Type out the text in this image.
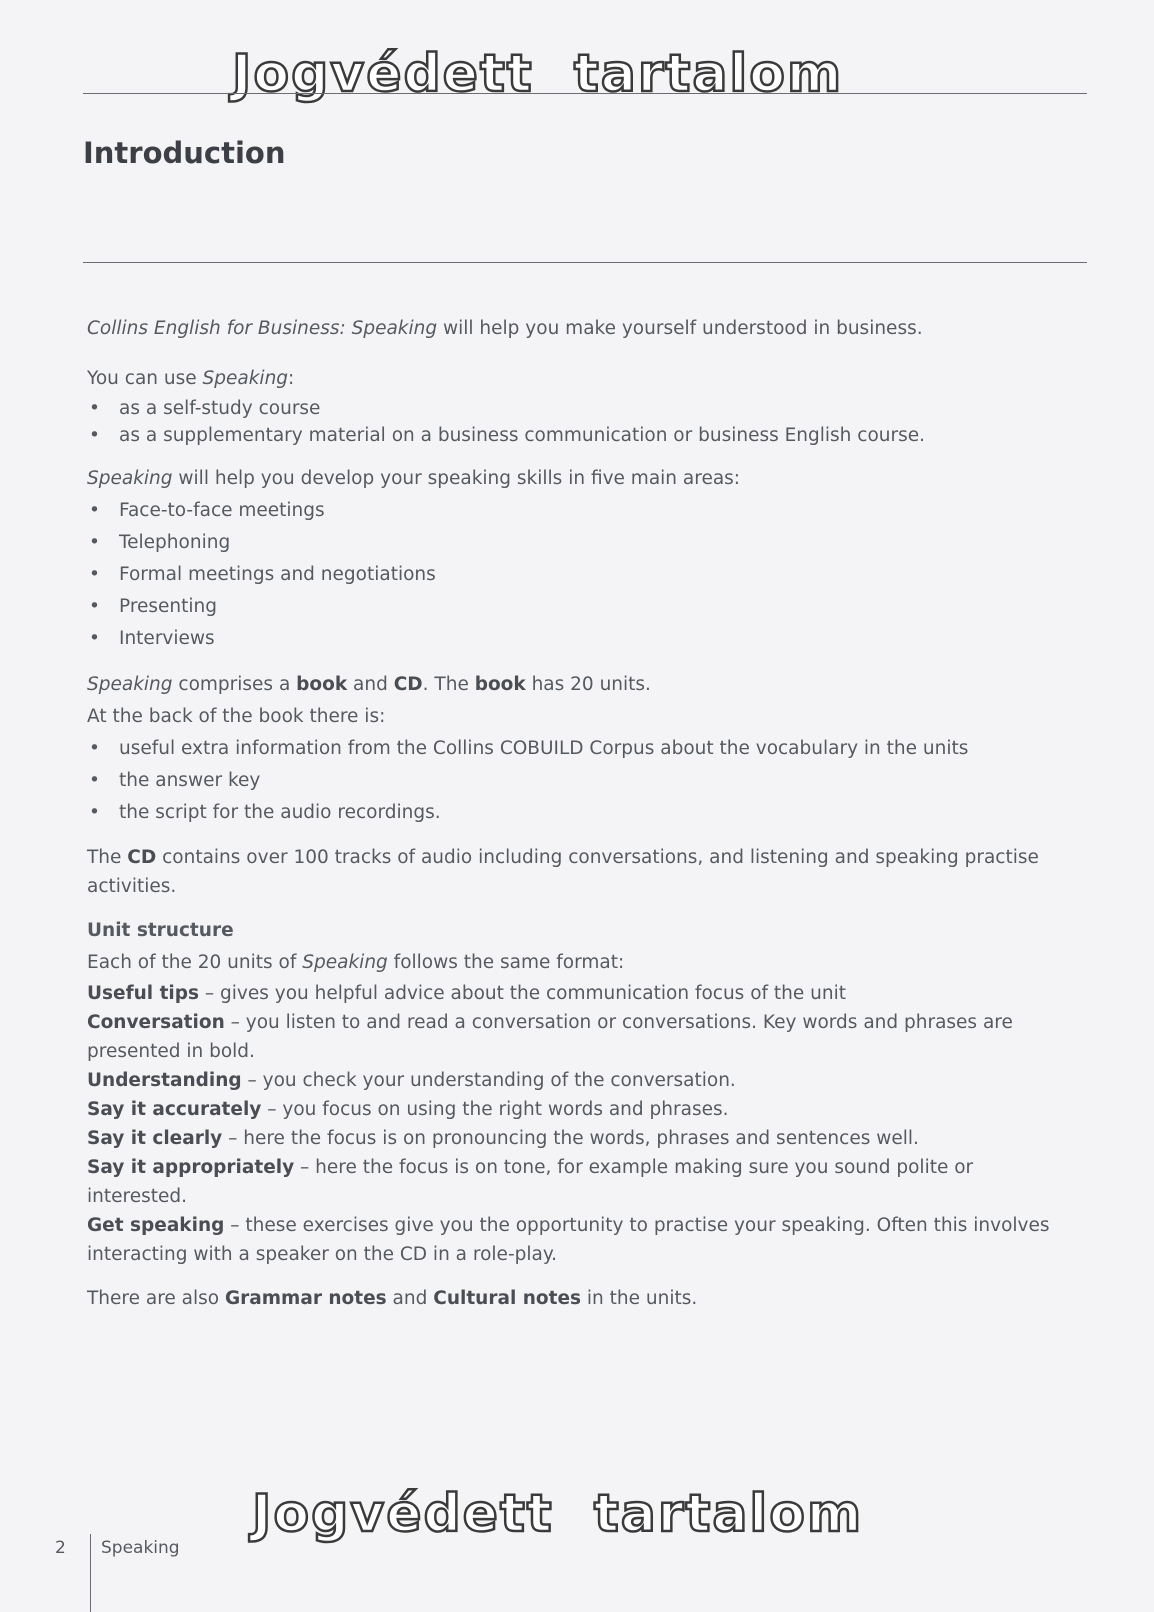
Jogvédett  tartalom
Introduction

Collins English for Business: Speaking will help you make yourself understood in business.

You can use Speaking:

• as a self-study course
• as a supplementary material on a business communication or business English course.

Speaking will help you develop your speaking skills in five main areas:

• Face-to-face meetings
• Telephoning
• Formal meetings and negotiations
• Presenting
• Interviews

Speaking comprises a book and CD. The book has 20 units.

At the back of the book there is:

• useful extra information from the Collins COBUILD Corpus about the vocabulary in the units
• the answer key
• the script for the audio recordings.

The CD contains over 100 tracks of audio including conversations, and listening and speaking practise activities.

Unit structure

Each of the 20 units of Speaking follows the same format:

Useful tips – gives you helpful advice about the communication focus of the unit

Conversation – you listen to and read a conversation or conversations. Key words and phrases are presented in bold.

Understanding – you check your understanding of the conversation.

Say it accurately – you focus on using the right words and phrases.

Say it clearly – here the focus is on pronouncing the words, phrases and sentences well.

Say it appropriately – here the focus is on tone, for example making sure you sound polite or interested.

Get speaking – these exercises give you the opportunity to practise your speaking. Often this involves interacting with a speaker on the CD in a role-play.

There are also Grammar notes and Cultural notes in the units.

Jogvédett  tartalom
2 Speaking
